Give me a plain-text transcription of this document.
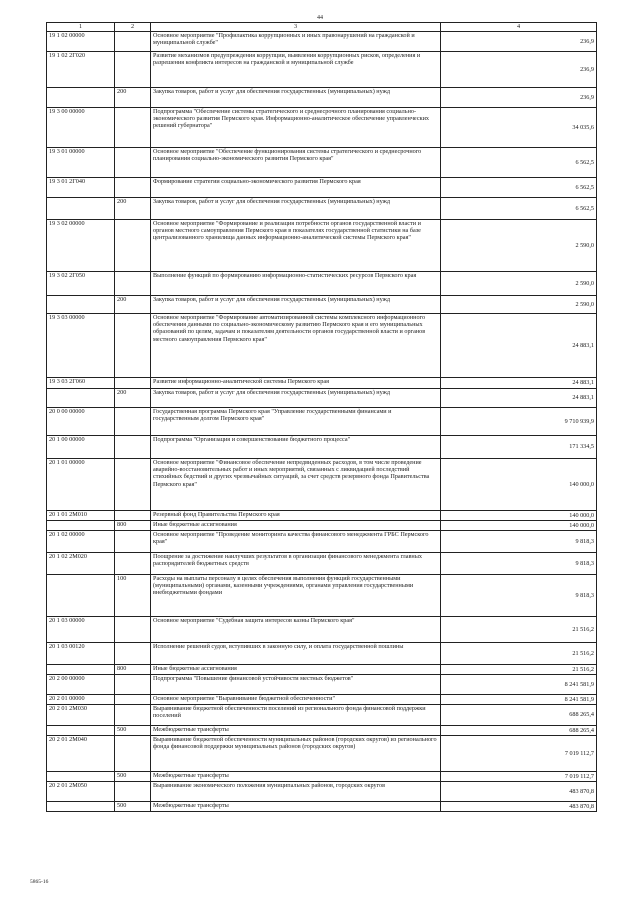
44
1	2	3	4
19 1 02 00000		Основное мероприятие "Профилактика коррупционных и иных правонарушений на гражданской и муниципальной службе"	236,9
19 1 02 2Г020		Развитие механизмов предупреждения коррупции, выявления коррупционных рисков, определения и разрешения конфликта интересов на гражданской и муниципальной службе	236,9
	200	Закупка товаров, работ и услуг для обеспечения государственных (муниципальных) нужд	236,9
19 3 00 00000		Подпрограмма "Обеспечение системы стратегического и среднесрочного планирования социально-экономического развития Пермского края. Информационно-аналитическое обеспечение управленческих решений губернатора"	34 035,6
19 3 01 00000		Основное мероприятие "Обеспечение функционирования системы стратегического и среднесрочного планирования социально-экономического развития Пермского края"	6 562,5
19 3 01 2Г040		Формирование стратегии социально-экономического развития Пермского края	6 562,5
	200	Закупка товаров, работ и услуг для обеспечения государственных (муниципальных) нужд	6 562,5
19 3 02 00000		Основное мероприятие "Формирование и реализация потребности органов государственной власти и органов местного самоуправления Пермского края в показателях государственной статистики на базе централизованного хранилища данных информационно-аналитической системы Пермского края"	2 590,0
19 3 02 2Г050		Выполнение функций по формированию информационно-статистических ресурсов Пермского края	2 590,0
	200	Закупка товаров, работ и услуг для обеспечения государственных (муниципальных) нужд	2 590,0
19 3 03 00000		Основное мероприятие "Формирование автоматизированной системы комплексного информационного обеспечения данными по социально-экономическому развитию Пермского края и его муниципальных образований по целям, задачам и показателям деятельности органов государственной власти и органов местного самоуправления Пермского края"	24 883,1
19 3 03 2Г060		Развитие информационно-аналитической системы Пермского края	24 883,1
	200	Закупка товаров, работ и услуг для обеспечения государственных (муниципальных) нужд	24 883,1
20 0 00 00000		Государственная программа Пермского края "Управление государственными финансами и государственным долгом Пермского края"	9 710 939,9
20 1 00 00000		Подпрограмма "Организация и совершенствование бюджетного процесса"	171 334,5
20 1 01 00000		Основное мероприятие "Финансовое обеспечение непредвиденных расходов, в том числе проведение аварийно-восстановительных работ и иных мероприятий, связанных с ликвидацией последствий стихийных бедствий и других чрезвычайных ситуаций, за счет средств резервного фонда Правительства Пермского края"	140 000,0
20 1 01 2М010		Резервный фонд Правительства Пермского края	140 000,0
	800	Иные бюджетные ассигнования	140 000,0
20 1 02 00000		Основное мероприятие "Проведение мониторинга качества финансового менеджмента ГРБС Пермского края"	9 818,3
20 1 02 2М020		Поощрение за достижение наилучших результатов в организации финансового менеджмента главных распорядителей бюджетных средств	9 818,3
	100	Расходы на выплаты персоналу в целях обеспечения выполнения функций государственными (муниципальными) органами, казенными учреждениями, органами управления государственными внебюджетными фондами	9 818,3
20 1 03 00000		Основное мероприятие "Судебная защита интересов казны Пермского края"	21 516,2
20 1 03 00120		Исполнение решений судов, вступивших в законную силу, и оплата государственной пошлины	21 516,2
	800	Иные бюджетные ассигнования	21 516,2
20 2 00 00000		Подпрограмма "Повышение финансовой устойчивости местных бюджетов"	8 241 581,9
20 2 01 00000		Основное мероприятие "Выравнивание бюджетной обеспеченности"	8 241 581,9
20 2 01 2М030		Выравнивание бюджетной обеспеченности поселений из регионального фонда финансовой поддержки поселений	688 265,4
	500	Межбюджетные трансферты	688 265,4
20 2 01 2М040		Выравнивание бюджетной обеспеченности муниципальных районов (городских округов) из регионального фонда финансовой поддержки муниципальных районов (городских округов)	7 019 112,7
	500	Межбюджетные трансферты	7 019 112,7
20 2 01 2М050		Выравнивание экономического положения муниципальных районов, городских округов	483 870,8
	500	Межбюджетные трансферты	483 870,8
5865-16
